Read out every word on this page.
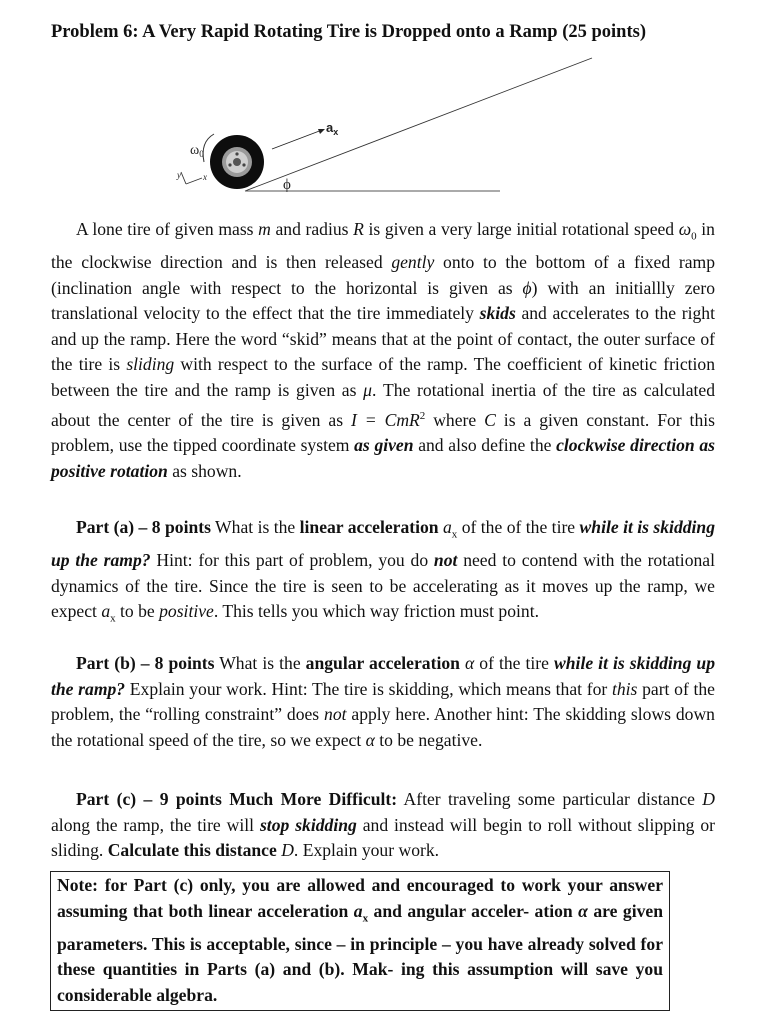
Problem 6: A Very Rapid Rotating Tire is Dropped onto a Ramp (25 points)
$a_x$
ϕ
$\omega_0$
y x
A lone tire of given mass m and radius R is given a very large initial rotational speed $\omega_0$ in the clockwise direction and is then released gently onto to the bottom of a fixed ramp (inclination angle with respect to the horizontal is given as ϕ) with an initiallly zero translational velocity to the effect that the tire immediately skids and accelerates to the right and up the ramp. Here the word “skid” means that at the point of contact, the outer surface of the tire is sliding with respect to the surface of the ramp. The coefficient of kinetic friction between the tire and the ramp is given as μ. The rotational inertia of the tire as calculated about the center of the tire is given as I = CmR$^2$ where C is a given constant. For this problem, use the tipped coordinate system as given and also define the clockwise direction as positive rotation as shown.
Part (a) – 8 points What is the linear acceleration $a_x$ of the of the tire while it is skidding up the ramp? Hint: for this part of problem, you do not need to contend with the rotational dynamics of the tire. Since the tire is seen to be accelerating as it moves up the ramp, we expect $a_x$ to be positive. This tells you which way friction must point.
Part (b) – 8 points What is the angular acceleration α of the tire while it is skidding up the ramp? Explain your work. Hint: The tire is skidding, which means that for this part of the problem, the “rolling constraint” does not apply here. Another hint: The skidding slows down the rotational speed of the tire, so we expect α to be negative.
Part (c) – 9 points Much More Difficult: After traveling some particular distance D along the ramp, the tire will stop skidding and instead will begin to roll without slipping or sliding. Calculate this distance D. Explain your work.
Note: for Part (c) only, you are allowed and encouraged to work your answer assuming that both linear acceleration $a_x$ and angular acceler- ation α are given parameters. This is acceptable, since – in principle – you have already solved for these quantities in Parts (a) and (b). Mak- ing this assumption will save you considerable algebra.
